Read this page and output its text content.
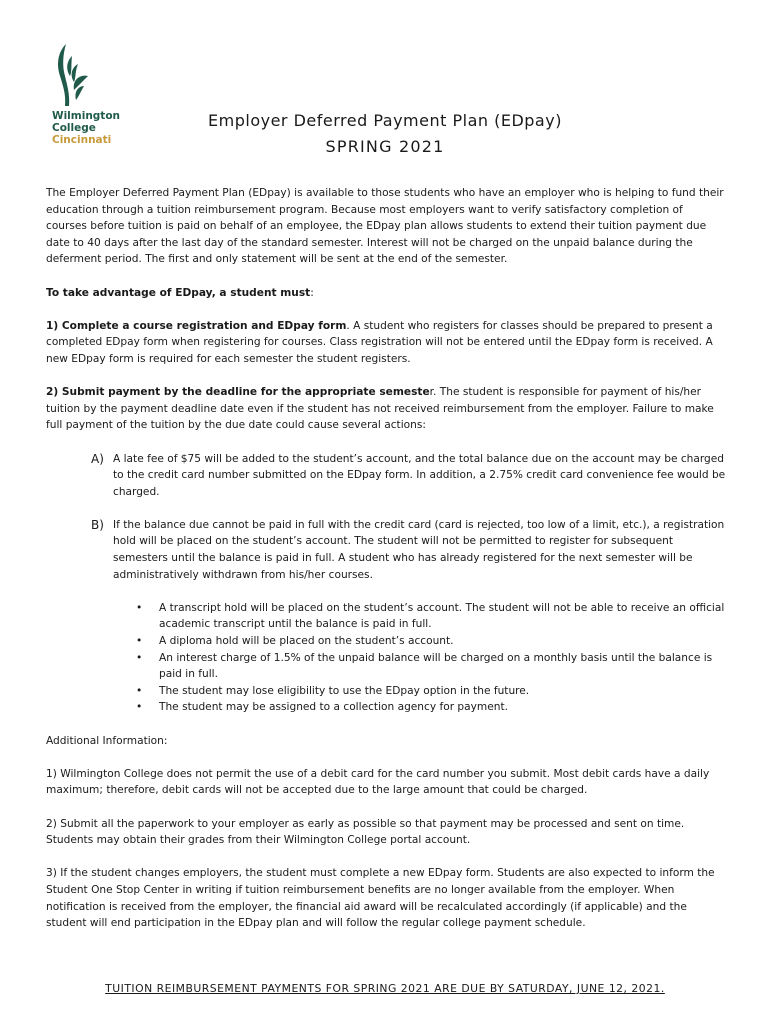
Wilmington
College
Cincinnati
Employer Deferred Payment Plan (EDpay)
SPRING 2021

The Employer Deferred Payment Plan (EDpay) is available to those students who have an employer who is helping to fund their education through a tuition reimbursement program. Because most employers want to verify satisfactory completion of courses before tuition is paid on behalf of an employee, the EDpay plan allows students to extend their tuition payment due date to 40 days after the last day of the standard semester. Interest will not be charged on the unpaid balance during the deferment period. The first and only statement will be sent at the end of the semester.

To take advantage of EDpay, a student must:

1) Complete a course registration and EDpay form. A student who registers for classes should be prepared to present a completed EDpay form when registering for courses. Class registration will not be entered until the EDpay form is received. A new EDpay form is required for each semester the student registers.

2) Submit payment by the deadline for the appropriate semester. The student is responsible for payment of his/her tuition by the payment deadline date even if the student has not received reimbursement from the employer. Failure to make full payment of the tuition by the due date could cause several actions:

A) A late fee of $75 will be added to the student’s account, and the total balance due on the account may be charged to the credit card number submitted on the EDpay form. In addition, a 2.75% credit card convenience fee would be charged.

B) If the balance due cannot be paid in full with the credit card (card is rejected, too low of a limit, etc.), a registration hold will be placed on the student’s account. The student will not be permitted to register for subsequent semesters until the balance is paid in full. A student who has already registered for the next semester will be administratively withdrawn from his/her courses.

• A transcript hold will be placed on the student’s account. The student will not be able to receive an official academic transcript until the balance is paid in full.
• A diploma hold will be placed on the student’s account.
• An interest charge of 1.5% of the unpaid balance will be charged on a monthly basis until the balance is paid in full.
• The student may lose eligibility to use the EDpay option in the future.
• The student may be assigned to a collection agency for payment.

Additional Information:

1) Wilmington College does not permit the use of a debit card for the card number you submit. Most debit cards have a daily maximum; therefore, debit cards will not be accepted due to the large amount that could be charged.

2) Submit all the paperwork to your employer as early as possible so that payment may be processed and sent on time. Students may obtain their grades from their Wilmington College portal account.

3) If the student changes employers, the student must complete a new EDpay form. Students are also expected to inform the Student One Stop Center in writing if tuition reimbursement benefits are no longer available from the employer. When notification is received from the employer, the financial aid award will be recalculated accordingly (if applicable) and the student will end participation in the EDpay plan and will follow the regular college payment schedule.

TUITION REIMBURSEMENT PAYMENTS FOR SPRING 2021 ARE DUE BY SATURDAY, JUNE 12, 2021.
